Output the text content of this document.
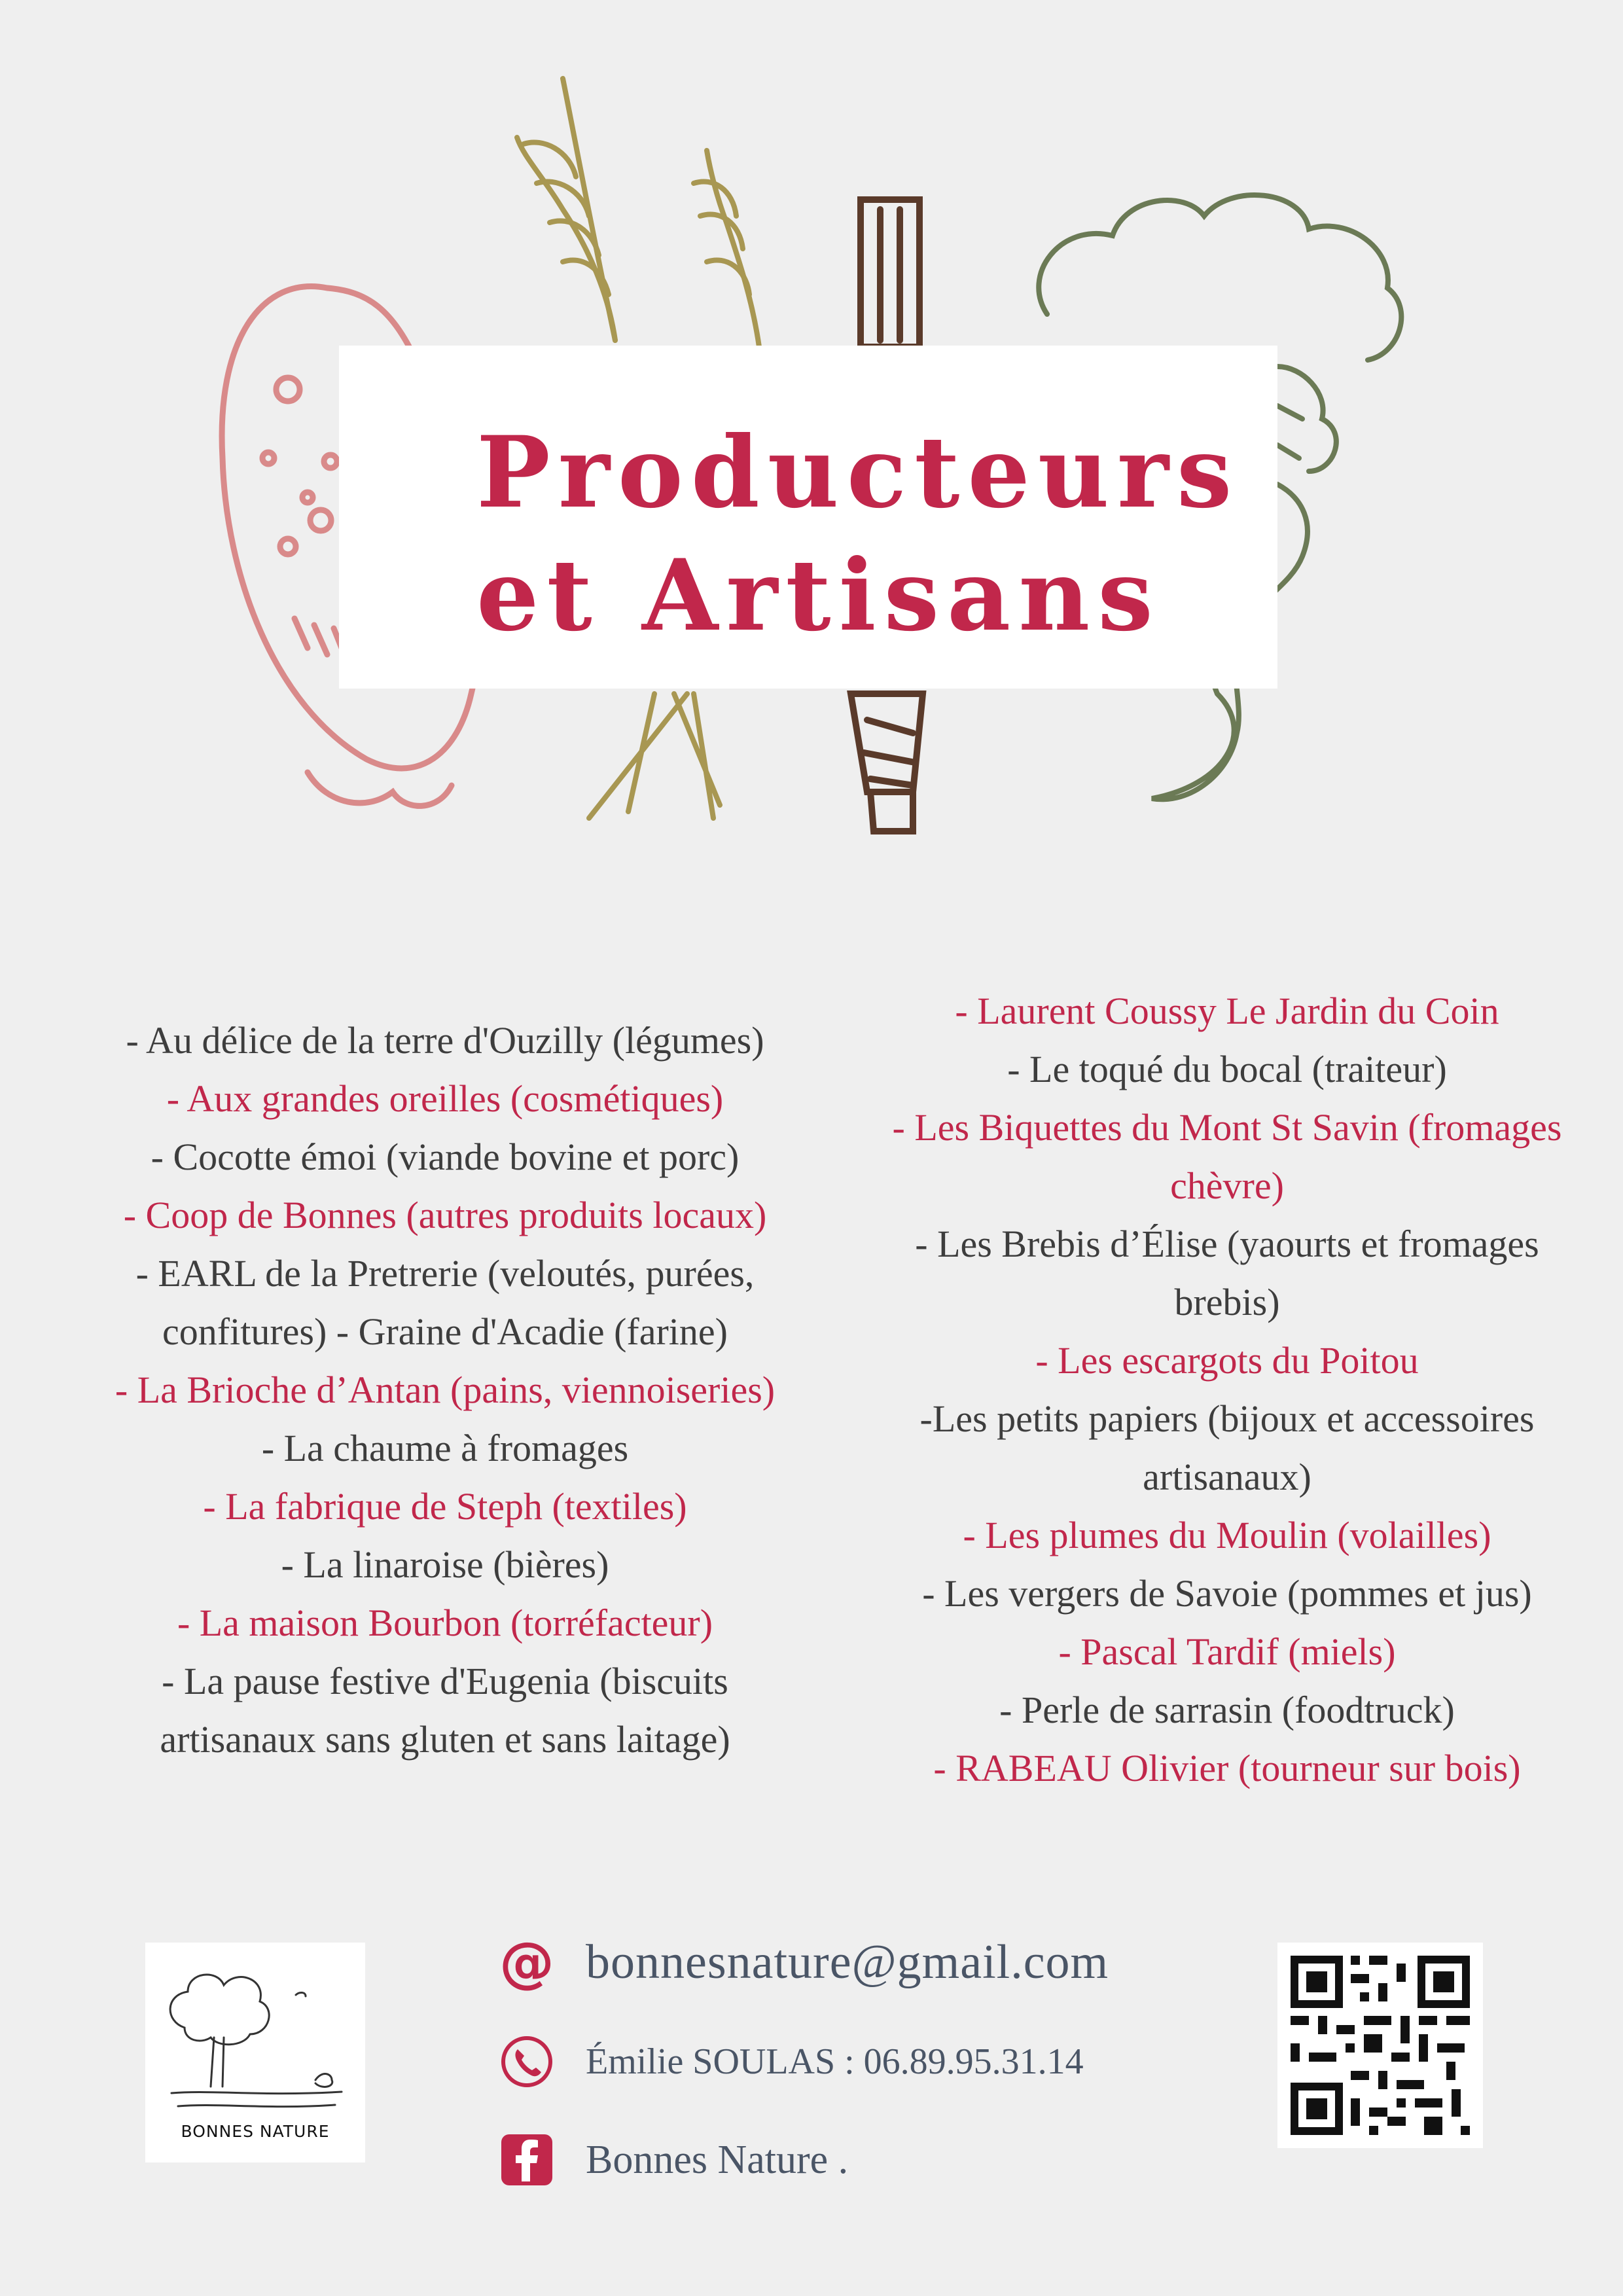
Producteurs
et Artisans
- Au délice de la terre d'Ouzilly (légumes)
- Aux grandes oreilles (cosmétiques)
- Cocotte émoi (viande bovine et porc)
- Coop de Bonnes (autres produits locaux)
- EARL de la Pretrerie (veloutés, purées,
confitures) - Graine d'Acadie (farine)
- La Brioche d’Antan (pains, viennoiseries)
- La chaume à fromages
- La fabrique de Steph (textiles)
- La linaroise (bières)
- La maison Bourbon (torréfacteur)
- La pause festive d'Eugenia (biscuits
artisanaux sans gluten et sans laitage)
- Laurent Coussy Le Jardin du Coin
- Le toqué du bocal (traiteur)
- Les Biquettes du Mont St Savin (fromages
chèvre)
- Les Brebis d’Élise (yaourts et fromages
brebis)
- Les escargots du Poitou
-Les petits papiers (bijoux et accessoires
artisanaux)
- Les plumes du Moulin (volailles)
- Les vergers de Savoie (pommes et jus)
- Pascal Tardif (miels)
- Perle de sarrasin (foodtruck)
- RABEAU Olivier (tourneur sur bois)
BONNES NATURE
@ bonnesnature@gmail.com
Émilie SOULAS : 06.89.95.31.14
Bonnes Nature .
